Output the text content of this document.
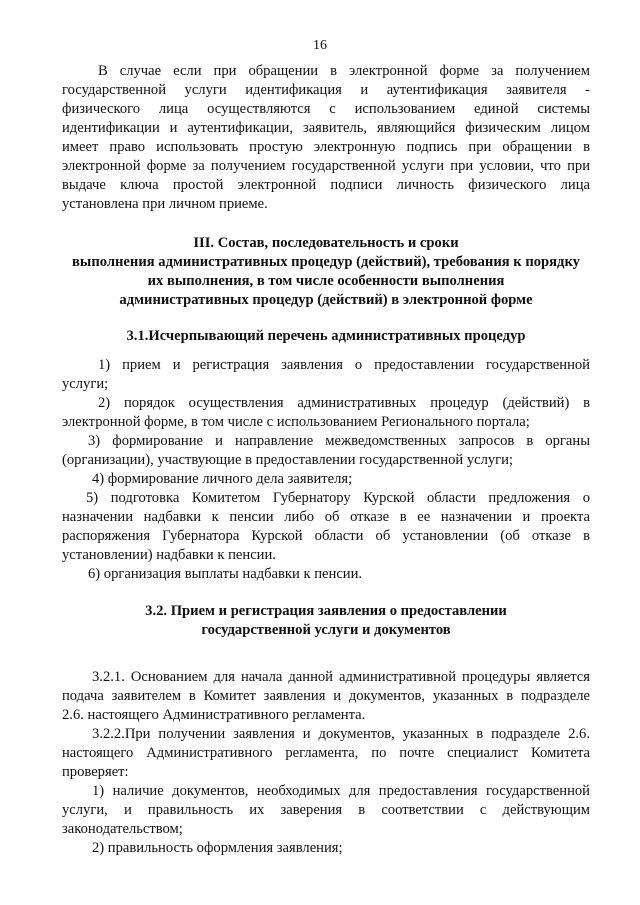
16
В случае если при обращении в электронной форме за получением
государственной услуги идентификация и аутентификация заявителя -
физического лица осуществляются с использованием единой системы
идентификации и аутентификации, заявитель, являющийся физическим лицом
имеет право использовать простую электронную подпись при обращении в
электронной форме за получением государственной услуги при условии, что при
выдаче ключа простой электронной подписи личность физического лица
установлена при личном приеме.
III. Состав, последовательность и сроки
выполнения административных процедур (действий), требования к порядку
их выполнения, в том числе особенности выполнения
административных процедур (действий) в электронной форме
3.1.Исчерпывающий перечень административных процедур
1) прием и регистрация заявления о предоставлении государственной
услуги;
2) порядок осуществления административных процедур (действий) в
электронной форме, в том числе с использованием Регионального портала;
3) формирование и направление межведомственных запросов в органы
(организации), участвующие в предоставлении государственной услуги;
4) формирование личного дела заявителя;
5) подготовка Комитетом Губернатору Курской области предложения о
назначении надбавки к пенсии либо об отказе в ее назначении и проекта
распоряжения Губернатора Курской области об установлении (об отказе в
установлении) надбавки к пенсии.
6) организация выплаты надбавки к пенсии.
3.2. Прием и регистрация заявления о предоставлении
государственной услуги и документов
3.2.1. Основанием для начала данной административной процедуры является
подача заявителем в Комитет заявления и документов, указанных в подразделе
2.6. настоящего Административного регламента.
3.2.2.При получении заявления и документов, указанных в подразделе 2.6.
настоящего Административного регламента, по почте специалист Комитета
проверяет:
1) наличие документов, необходимых для предоставления государственной
услуги, и правильность их заверения в соответствии с действующим
законодательством;
2) правильность оформления заявления;
